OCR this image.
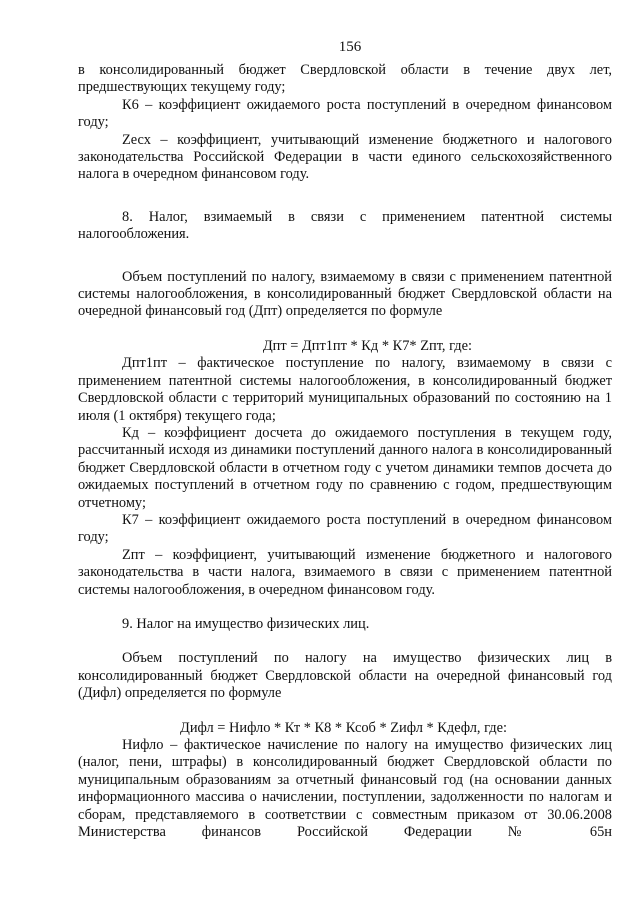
156

в консолидированный бюджет Свердловской области в течение двух лет, предшествующих текущему году;

К6 – коэффициент ожидаемого роста поступлений в очередном финансовом году;

Zесх – коэффициент, учитывающий изменение бюджетного и налогового законодательства Российской Федерации в части единого сельскохозяйственного налога в очередном финансовом году.

8. Налог, взимаемый в связи с применением патентной системы налогообложения.

Объем поступлений по налогу, взимаемому в связи с применением патентной системы налогообложения, в консолидированный бюджет Свердловской области на очередной финансовый год (Дпт) определяется по формуле

Дпт = Дпт1пт * Кд * К7* Zпт, где:

Дпт1пт – фактическое поступление по налогу, взимаемому в связи с применением патентной системы налогообложения, в консолидированный бюджет Свердловской области с территорий муниципальных образований по состоянию на 1 июля (1 октября) текущего года;

Кд – коэффициент досчета до ожидаемого поступления в текущем году, рассчитанный исходя из динамики поступлений данного налога в консолидированный бюджет Свердловской области в отчетном году с учетом динамики темпов досчета до ожидаемых поступлений в отчетном году по сравнению с годом, предшествующим отчетному;

К7 – коэффициент ожидаемого роста поступлений в очередном финансовом году;

Zпт – коэффициент, учитывающий изменение бюджетного и налогового законодательства в части налога, взимаемого в связи с применением патентной системы налогообложения, в очередном финансовом году.

9. Налог на имущество физических лиц.

Объем поступлений по налогу на имущество физических лиц в консолидированный бюджет Свердловской области на очередной финансовый год (Дифл) определяется по формуле

Дифл = Нифло * Кт * К8 * Ксоб * Zифл * Кдефл, где:

Нифло – фактическое начисление по налогу на имущество физических лиц (налог, пени, штрафы) в консолидированный бюджет Свердловской области по муниципальным образованиям за отчетный финансовый год (на основании данных информационного массива о начислении, поступлении, задолженности по налогам и сборам, представляемого в соответствии с совместным приказом от 30.06.2008 Министерства финансов Российской Федерации № 65н
